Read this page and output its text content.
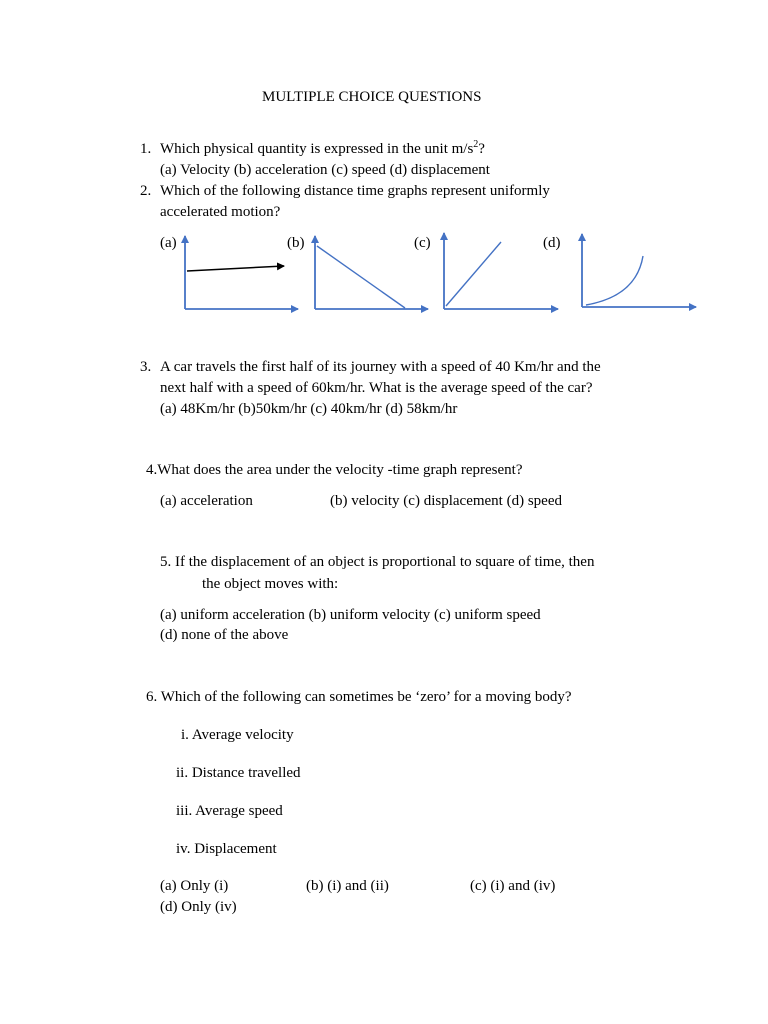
MULTIPLE CHOICE QUESTIONS
1. Which physical quantity is expressed in the unit $m/s^2$?
(a) Velocity (b) acceleration (c) speed (d) displacement
2. Which of the following distance time graphs represent uniformly
accelerated motion?
(a)	(b)	(c)	(d)
3. A car travels the first half of its journey with a speed of 40 Km/hr and the
next half with a speed of 60km/hr. What is the average speed of the car?
(a) 48Km/hr (b)50km/hr (c) 40km/hr (d) 58km/hr
4.What does the area under the velocity -time graph represent?
(a) acceleration	(b) velocity (c) displacement (d) speed
5. If the displacement of an object is proportional to square of time, then
the object moves with:
(a) uniform acceleration (b) uniform velocity (c) uniform speed
(d) none of the above
6. Which of the following can sometimes be ‘zero’ for a moving body?
i. Average velocity
ii. Distance travelled
iii. Average speed
iv. Displacement
(a) Only (i)	(b) (i) and (ii)	(c) (i) and (iv)
(d) Only (iv)
